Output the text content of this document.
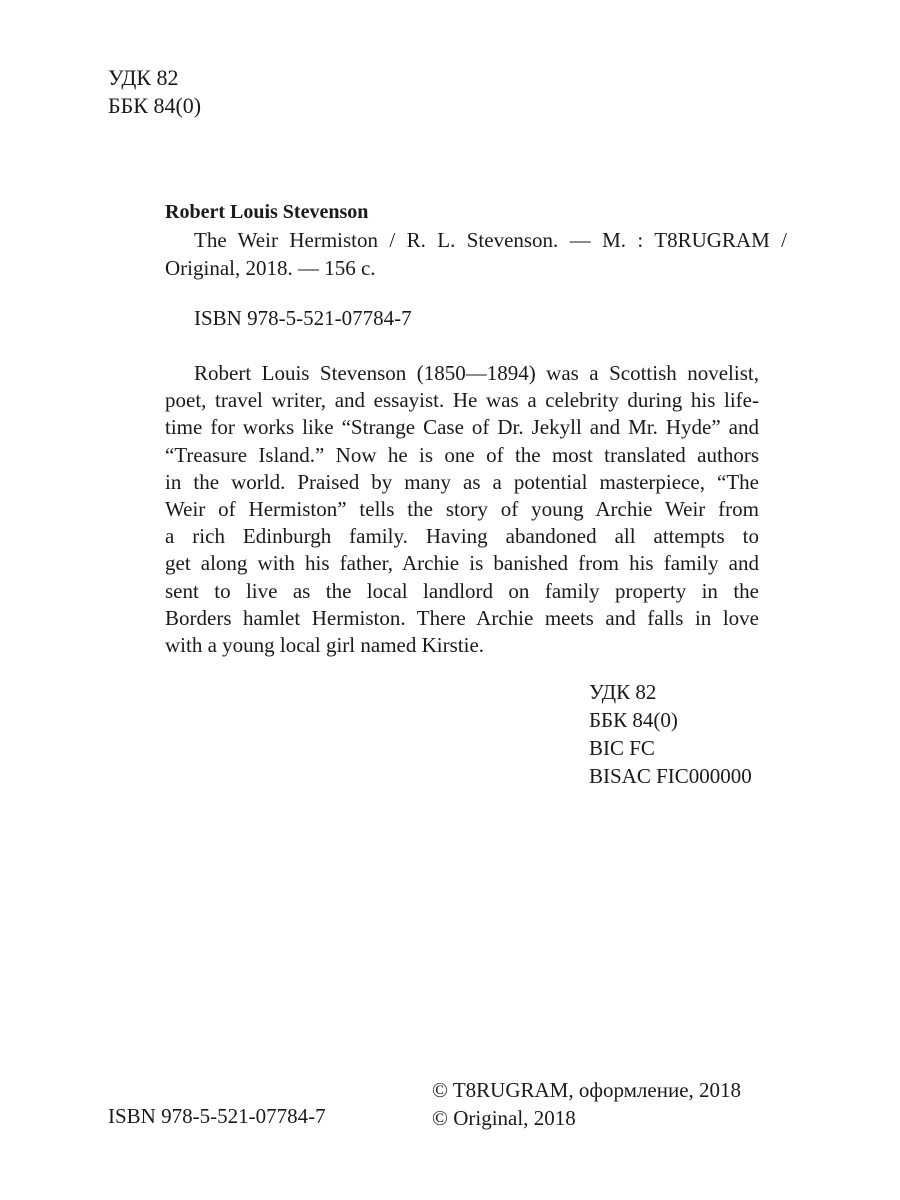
УДК 82
ББК 84(0)
Robert Louis Stevenson
The Weir Hermiston / R. L. Stevenson. — M. : T8RUGRAM /
Original, 2018. — 156 с.
ISBN 978-5-521-07784-7
Robert Louis Stevenson (1850—1894) was a Scottish novelist,
poet, travel writer, and essayist. He was a celebrity during his life-
time for works like “Strange Case of Dr. Jekyll and Mr. Hyde” and
“Treasure Island.” Now he is one of the most translated authors
in the world. Praised by many as a potential masterpiece, “The
Weir of Hermiston” tells the story of young Archie Weir from
a rich Edinburgh family. Having abandoned all attempts to
get along with his father, Archie is banished from his family and
sent to live as the local landlord on family property in the
Borders hamlet Hermiston. There Archie meets and falls in love
with a young local girl named Kirstie.
УДК 82
ББК 84(0)
BIC FC
BISAC FIC000000
© T8RUGRAM, оформление, 2018
© Original, 2018
ISBN 978-5-521-07784-7
